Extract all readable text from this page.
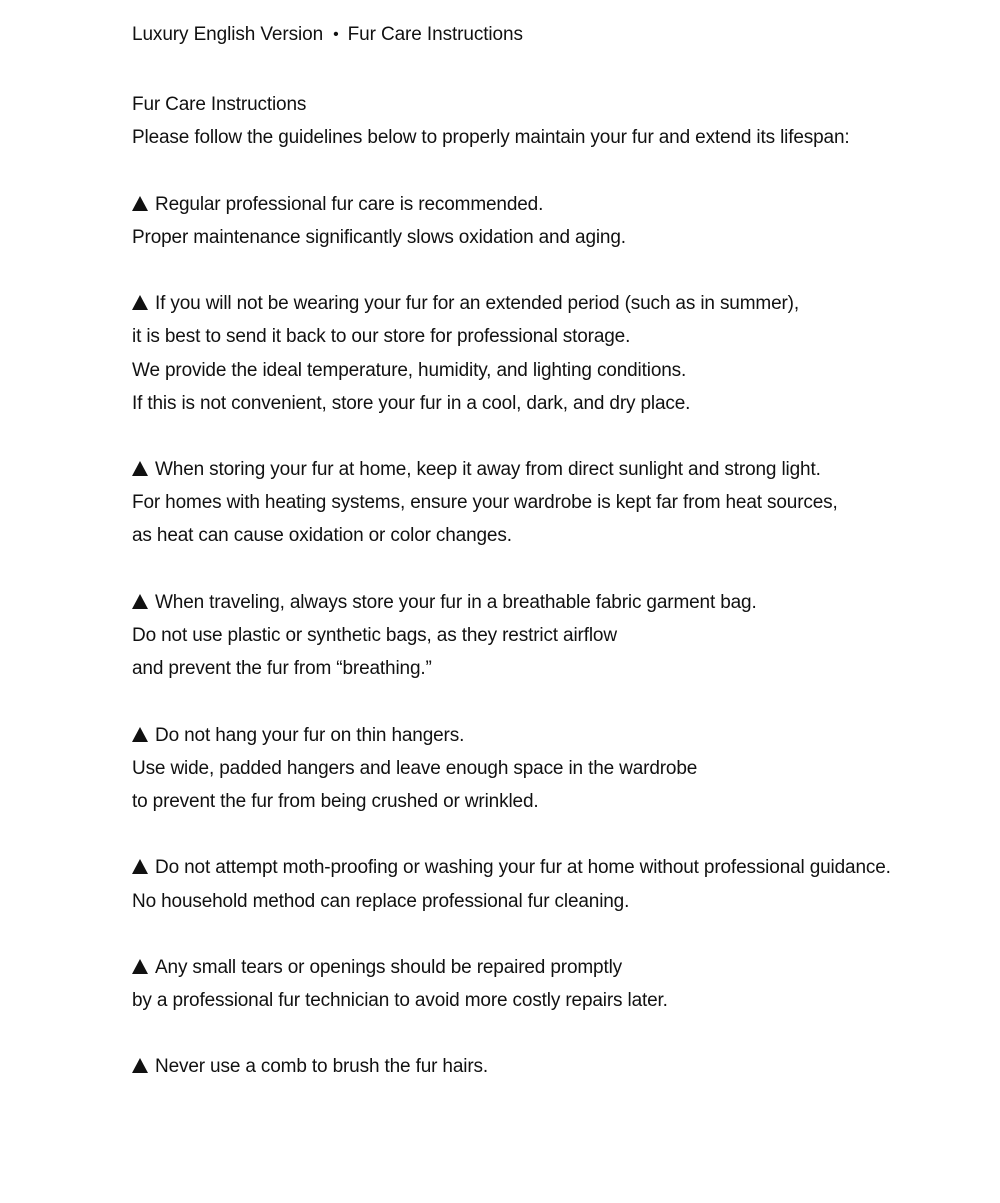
Luxury English Version • Fur Care Instructions
Fur Care Instructions
Please follow the guidelines below to properly maintain your fur and extend its lifespan:
Regular professional fur care is recommended.
Proper maintenance significantly slows oxidation and aging.
If you will not be wearing your fur for an extended period (such as in summer),
it is best to send it back to our store for professional storage.
We provide the ideal temperature, humidity, and lighting conditions.
If this is not convenient, store your fur in a cool, dark, and dry place.
When storing your fur at home, keep it away from direct sunlight and strong light.
For homes with heating systems, ensure your wardrobe is kept far from heat sources,
as heat can cause oxidation or color changes.
When traveling, always store your fur in a breathable fabric garment bag.
Do not use plastic or synthetic bags, as they restrict airflow
and prevent the fur from “breathing.”
Do not hang your fur on thin hangers.
Use wide, padded hangers and leave enough space in the wardrobe
to prevent the fur from being crushed or wrinkled.
Do not attempt moth-proofing or washing your fur at home without professional guidance.
No household method can replace professional fur cleaning.
Any small tears or openings should be repaired promptly
by a professional fur technician to avoid more costly repairs later.
Never use a comb to brush the fur hairs.
